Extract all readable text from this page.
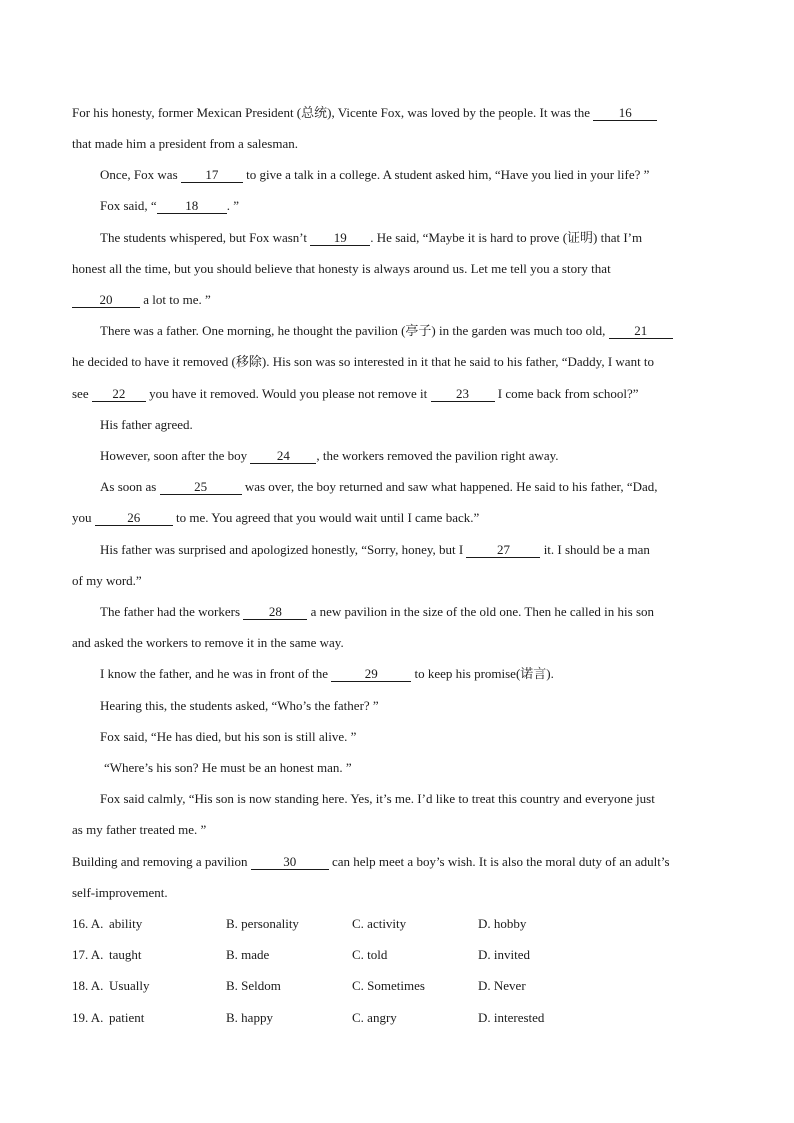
For his honesty, former Mexican President (总统), Vicente Fox, was loved by the people. It was the 16
that made him a president from a salesman.
Once, Fox was 17 to give a talk in a college. A student asked him, “Have you lied in your life? ”
Fox said, “ 18 . ”
The students whispered, but Fox wasn’t 19 . He said, “Maybe it is hard to prove (证明) that I’m
honest all the time, but you should believe that honesty is always around us. Let me tell you a story that
20 a lot to me. ”
There was a father. One morning, he thought the pavilion (亭子) in the garden was much too old, 21
he decided to have it removed (移除). His son was so interested in it that he said to his father, “Daddy, I want to
see 22 you have it removed. Would you please not remove it 23 I come back from school?”
His father agreed.
However, soon after the boy 24 , the workers removed the pavilion right away.
As soon as	25	was over, the boy returned and saw what happened. He said to his father, “Dad,
you	26	to me. You agreed that you would wait until I came back.”
His father was surprised and apologized honestly, “Sorry, honey, but I 27 it. I should be a man
of my word.”
The father had the workers 28 a new pavilion in the size of the old one. Then he called in his son
and asked the workers to remove it in the same way.
I know the father, and he was in front of the	29	to keep his promise(诺言).
Hearing this, the students asked, “Who’s the father? ”
Fox said, “He has died, but his son is still alive. ”
“Where’s his son? He must be an honest man. ”
Fox said calmly, “His son is now standing here. Yes, it’s me. I’d like to treat this country and everyone just
as my father treated me. ”
Building and removing a pavilion	30	can help meet a boy’s wish. It is also the moral duty of an adult’s
self-improvement.
16. A. ability	B. personality	C. activity	D. hobby
17. A. taught	B. made	C. told	D. invited
18. A. Usually	B. Seldom	C. Sometimes	D. Never
19. A. patient	B. happy	C. angry	D. interested
